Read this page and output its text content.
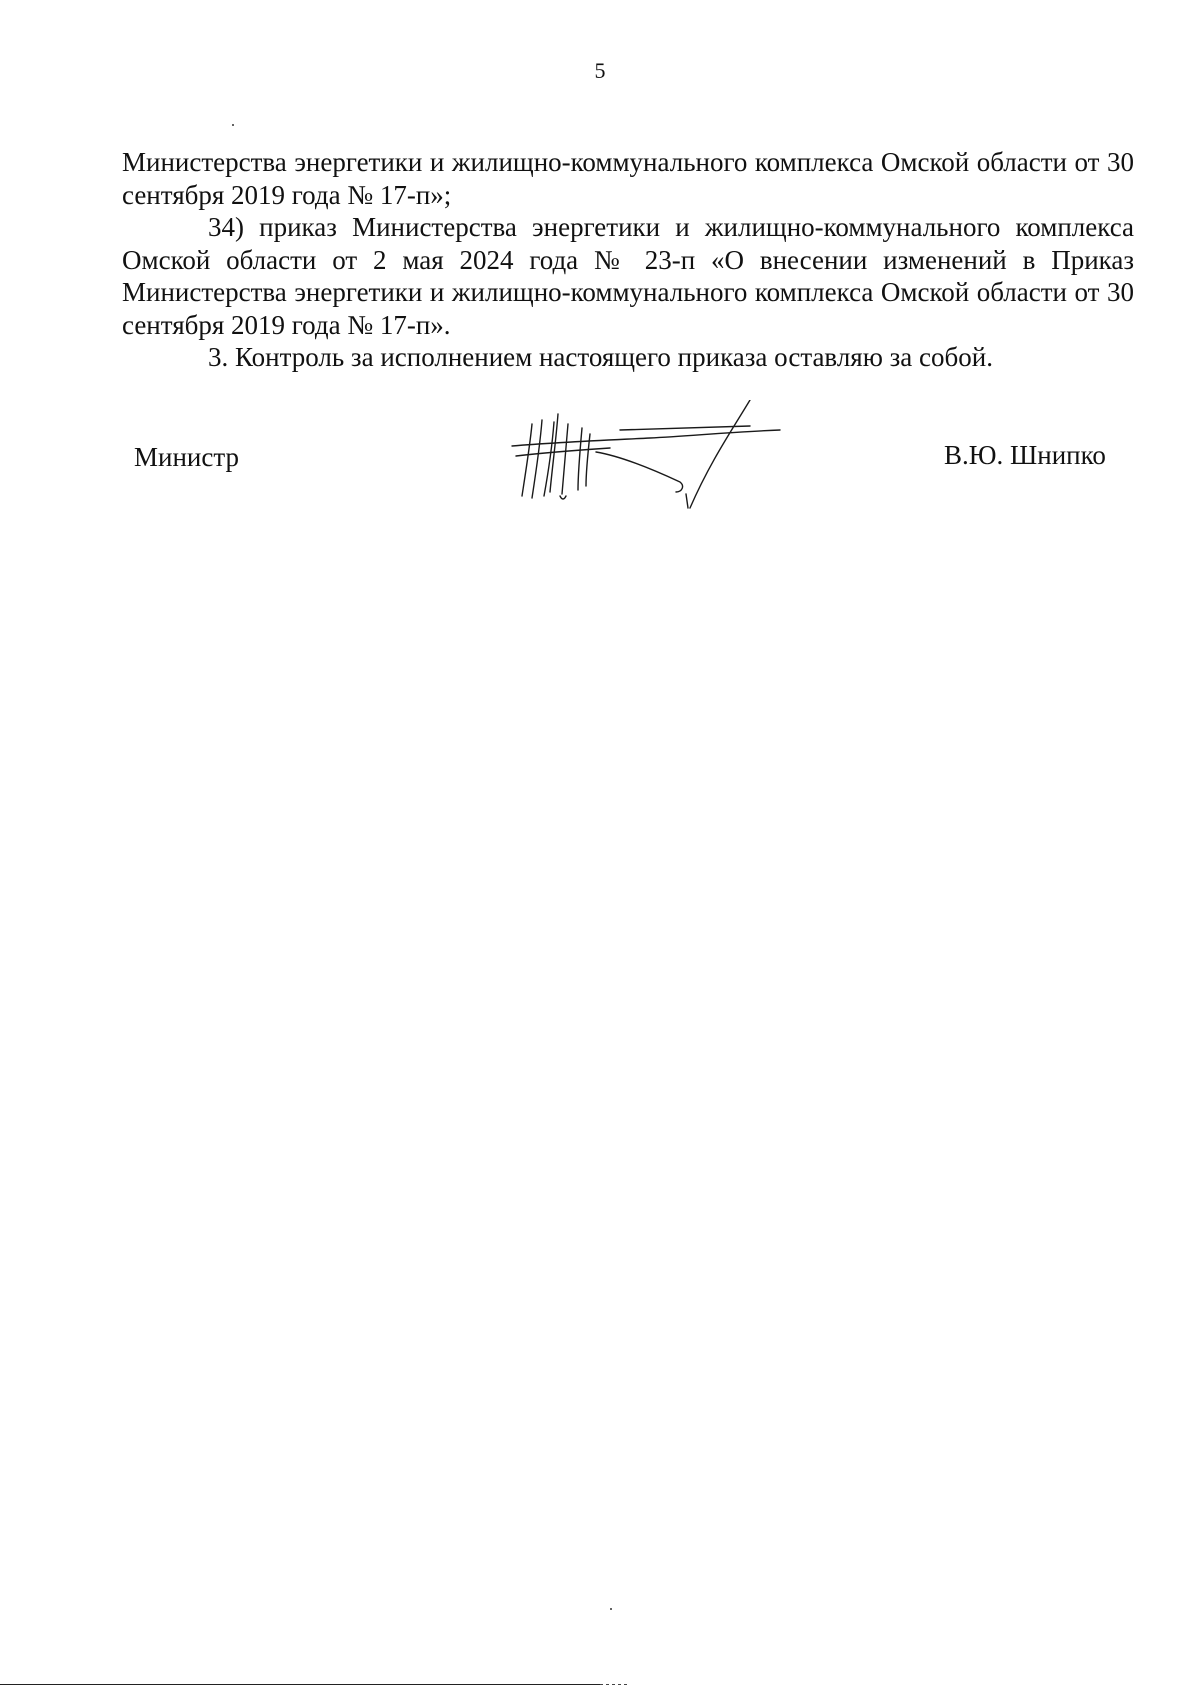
5

Министерства энергетики и жилищно-коммунального комплекса Омской области от 30 сентября 2019 года № 17-п»;

34) приказ Министерства энергетики и жилищно-коммунального комплекса Омской области от 2 мая 2024 года № 23-п «О внесении изменений в Приказ Министерства энергетики и жилищно-коммунального комплекса Омской области от 30 сентября 2019 года № 17-п».

3. Контроль за исполнением настоящего приказа оставляю за собой.

Министр	В.Ю. Шнипко
